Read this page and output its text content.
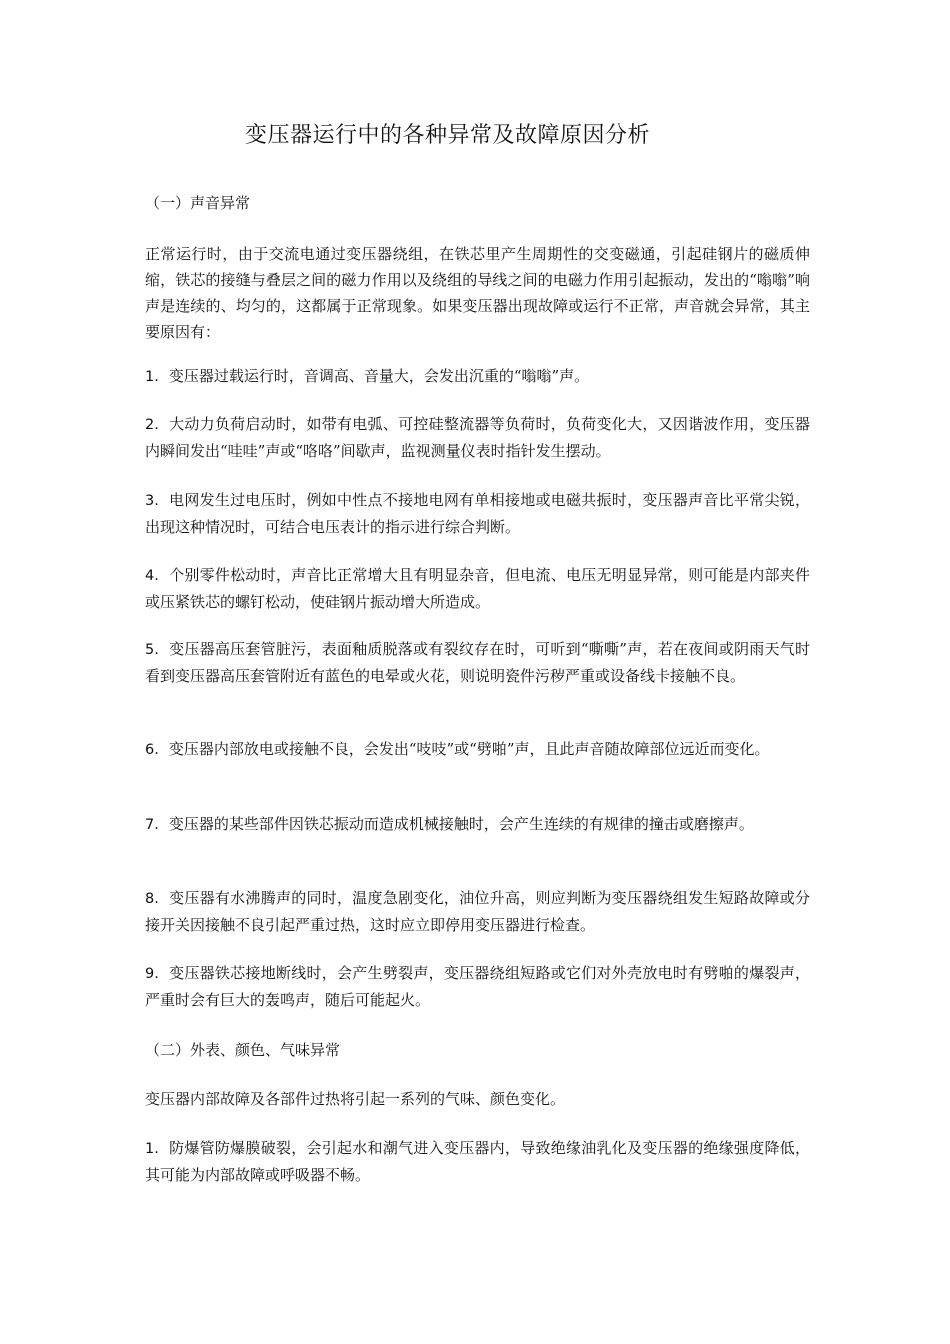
变压器运行中的各种异常及故障原因分析
（一）声音异常
正常运行时，由于交流电通过变压器绕组，在铁芯里产生周期性的交变磁通，引起硅钢片的磁质伸缩，铁芯的接缝与叠层之间的磁力作用以及绕组的导线之间的电磁力作用引起振动，发出的“嗡嗡”响声是连续的、均匀的，这都属于正常现象。如果变压器出现故障或运行不正常，声音就会异常，其主要原因有：
1. 变压器过载运行时，音调高、音量大，会发出沉重的“嗡嗡”声。
2. 大动力负荷启动时，如带有电弧、可控硅整流器等负荷时，负荷变化大，又因谐波作用，变压器内瞬间发出“哇哇”声或“咯咯”间歇声，监视测量仪表时指针发生摆动。
3. 电网发生过电压时，例如中性点不接地电网有单相接地或电磁共振时，变压器声音比平常尖锐，出现这种情况时，可结合电压表计的指示进行综合判断。
4. 个别零件松动时，声音比正常增大且有明显杂音，但电流、电压无明显异常，则可能是内部夹件或压紧铁芯的螺钉松动，使硅钢片振动增大所造成。
5. 变压器高压套管脏污，表面釉质脱落或有裂纹存在时，可听到“嘶嘶”声，若在夜间或阴雨天气时看到变压器高压套管附近有蓝色的电晕或火花，则说明瓷件污秽严重或设备线卡接触不良。
6. 变压器内部放电或接触不良，会发出“吱吱”或“劈啪”声，且此声音随故障部位远近而变化。
7. 变压器的某些部件因铁芯振动而造成机械接触时，会产生连续的有规律的撞击或磨擦声。
8. 变压器有水沸腾声的同时，温度急剧变化，油位升高，则应判断为变压器绕组发生短路故障或分接开关因接触不良引起严重过热，这时应立即停用变压器进行检查。
9. 变压器铁芯接地断线时，会产生劈裂声，变压器绕组短路或它们对外壳放电时有劈啪的爆裂声，严重时会有巨大的轰鸣声，随后可能起火。
（二）外表、颜色、气味异常
变压器内部故障及各部件过热将引起一系列的气味、颜色变化。
1. 防爆管防爆膜破裂，会引起水和潮气进入变压器内，导致绝缘油乳化及变压器的绝缘强度降低，其可能为内部故障或呼吸器不畅。
